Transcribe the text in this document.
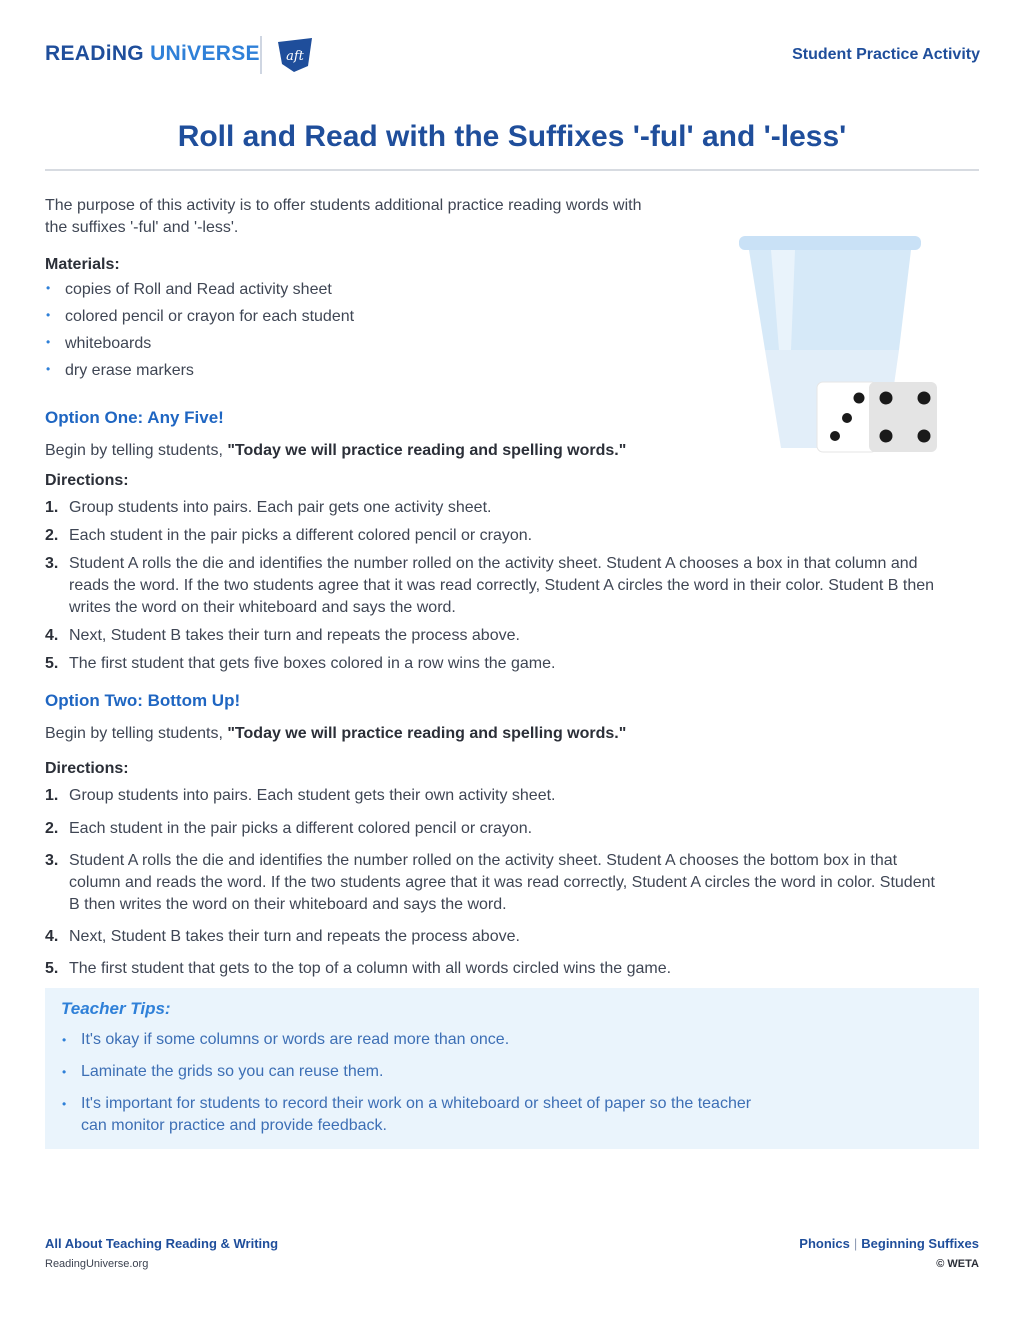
READiNG UNiVERSE aft	Student Practice Activity
Roll and Read with the Suffixes '-ful' and '-less'
The purpose of this activity is to offer students additional practice reading words with the suffixes '-ful' and '-less'.
Materials:
• copies of Roll and Read activity sheet
• colored pencil or crayon for each student
• whiteboards
• dry erase markers
Option One: Any Five!
Begin by telling students, "Today we will practice reading and spelling words."
Directions:
1. Group students into pairs. Each pair gets one activity sheet.
2. Each student in the pair picks a different colored pencil or crayon.
3. Student A rolls the die and identifies the number rolled on the activity sheet. Student A chooses a box in that column and reads the word. If the two students agree that it was read correctly, Student A circles the word in their color. Student B then writes the word on their whiteboard and says the word.
4. Next, Student B takes their turn and repeats the process above.
5. The first student that gets five boxes colored in a row wins the game.
Option Two: Bottom Up!
Begin by telling students, "Today we will practice reading and spelling words."
Directions:
1. Group students into pairs. Each student gets their own activity sheet.
2. Each student in the pair picks a different colored pencil or crayon.
3. Student A rolls the die and identifies the number rolled on the activity sheet. Student A chooses the bottom box in that column and reads the word. If the two students agree that it was read correctly, Student A circles the word in color. Student B then writes the word on their whiteboard and says the word.
4. Next, Student B takes their turn and repeats the process above.
5. The first student that gets to the top of a column with all words circled wins the game.
Teacher Tips:
• It's okay if some columns or words are read more than once.
• Laminate the grids so you can reuse them.
• It's important for students to record their work on a whiteboard or sheet of paper so the teacher can monitor practice and provide feedback.
All About Teaching Reading & Writing
ReadingUniverse.org
Phonics | Beginning Suffixes
© WETA
